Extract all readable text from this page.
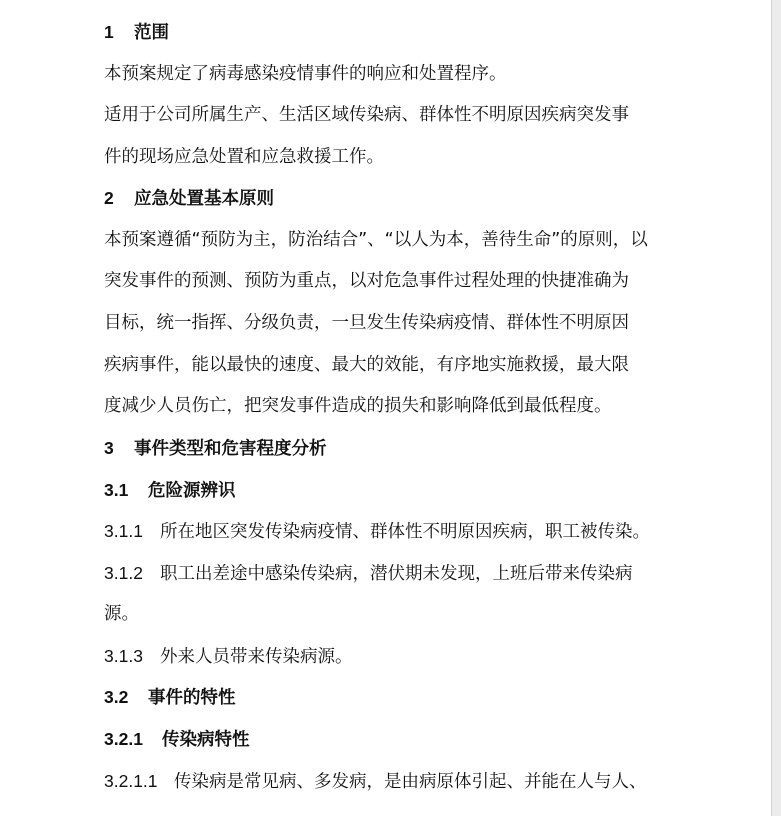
1 范围
本预案规定了病毒感染疫情事件的响应和处置程序。
适用于公司所属生产、生活区域传染病、群体性不明原因疾病突发事
件的现场应急处置和应急救援工作。
2 应急处置基本原则
本预案遵循“预防为主，防治结合”、“以人为本，善待生命”的原则，以
突发事件的预测、预防为重点，以对危急事件过程处理的快捷准确为
目标，统一指挥、分级负责，一旦发生传染病疫情、群体性不明原因
疾病事件，能以最快的速度、最大的效能，有序地实施救援，最大限
度减少人员伤亡，把突发事件造成的损失和影响降低到最低程度。
3 事件类型和危害程度分析
3.1 危险源辨识
3.1.1 所在地区突发传染病疫情、群体性不明原因疾病，职工被传染。
3.1.2 职工出差途中感染传染病，潜伏期未发现，上班后带来传染病
源。
3.1.3 外来人员带来传染病源。
3.2 事件的特性
3.2.1 传染病特性
3.2.1.1 传染病是常见病、多发病，是由病原体引起、并能在人与人、
